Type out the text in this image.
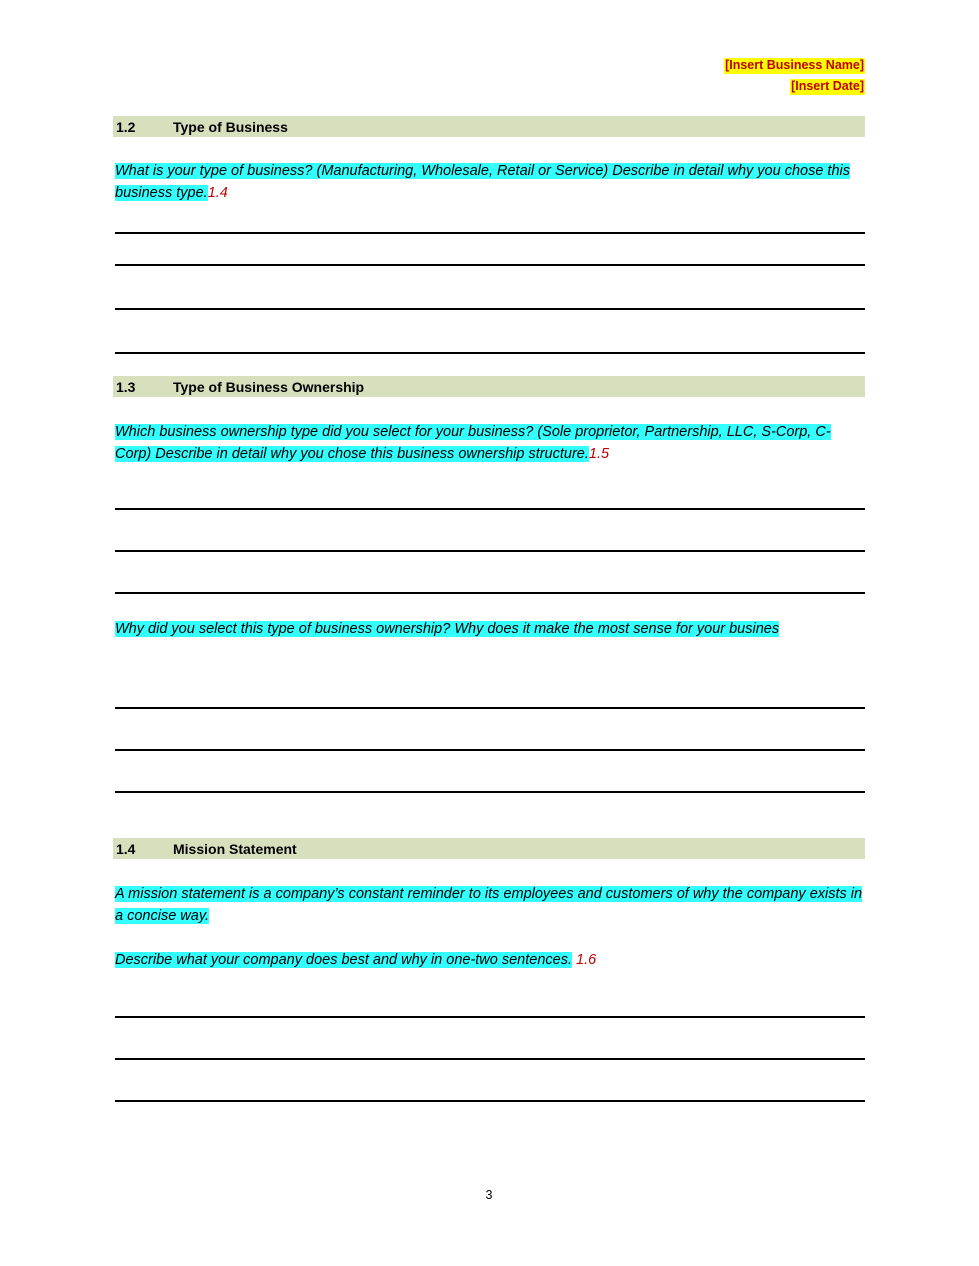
[Insert Business Name]
[Insert Date]
1.2	Type of Business
What is your type of business? (Manufacturing, Wholesale, Retail or Service) Describe in detail why you chose this business type.1.4
1.3	Type of Business Ownership
Which business ownership type did you select for your business? (Sole proprietor, Partnership, LLC, S-Corp, C-Corp) Describe in detail why you chose this business ownership structure.1.5
Why did you select this type of business ownership? Why does it make the most sense for your busines
1.4	Mission Statement
A mission statement is a company’s constant reminder to its employees and customers of why the company exists in a concise way.
Describe what your company does best and why in one-two sentences. 1.6
3
